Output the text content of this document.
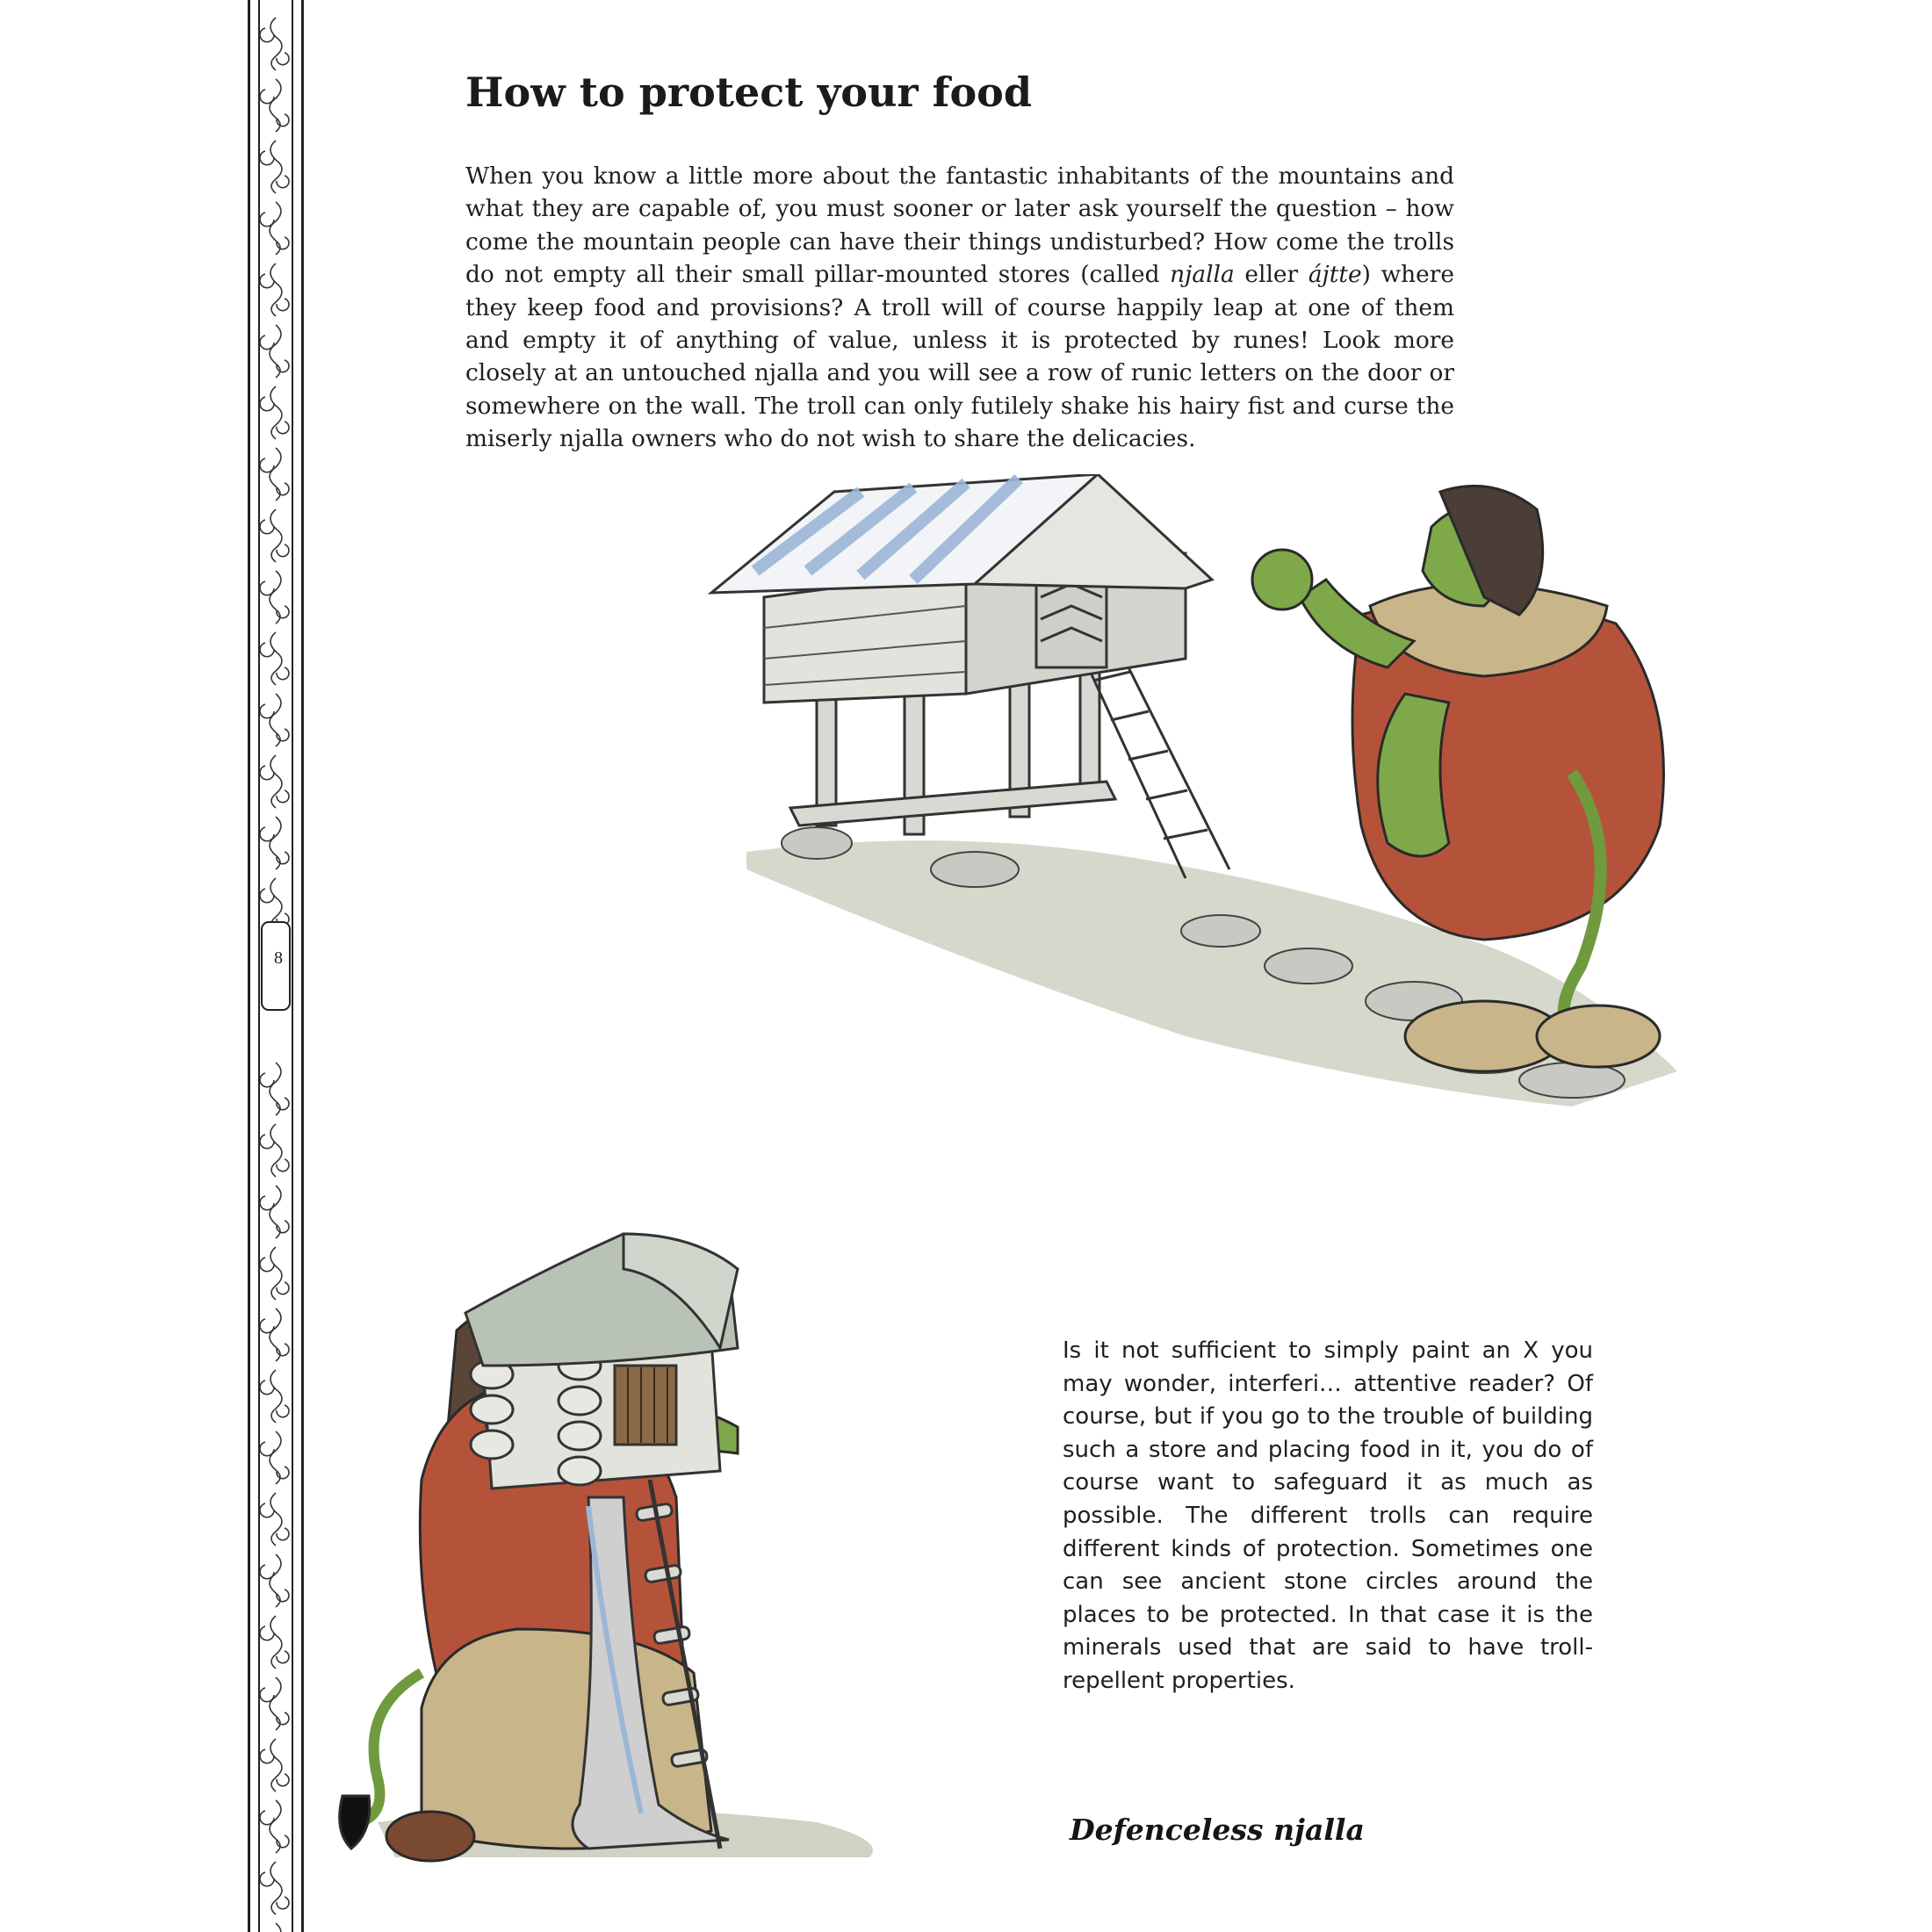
8
How to protect your food

When you know a little more about the fantastic inhabitants of the mountains and what they are capable of, you must sooner or later ask yourself the question – how come the mountain people can have their things undisturbed? How come the trolls do not empty all their small pillar-mounted stores (called njalla eller ájtte) where they keep food and provisions? A troll will of course happily leap at one of them and empty it of anything of value, unless it is protected by runes! Look more closely at an untouched njalla and you will see a row of runic letters on the door or somewhere on the wall. The troll can only futilely shake his hairy fist and curse the miserly njalla owners who do not wish to share the delicacies.

Is it not sufficient to simply paint an X you may wonder, interferi… attentive reader? Of course, but if you go to the trouble of building such a store and placing food in it, you do of course want to safeguard it as much as possible. The different trolls can require different kinds of protection. Sometimes one can see ancient stone circles around the places to be protected. In that case it is the minerals used that are said to have troll-repellent properties.

Defenceless njalla
